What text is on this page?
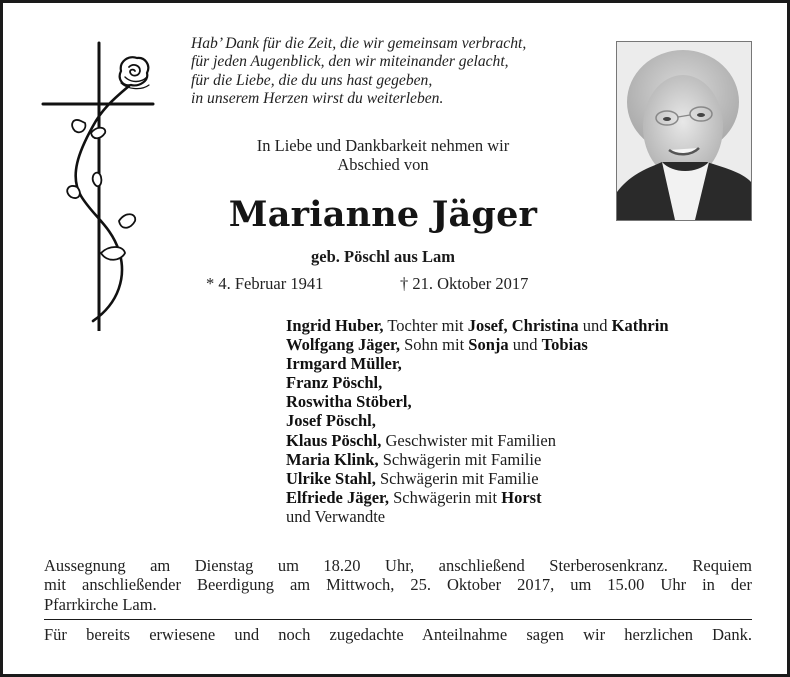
Hab’ Dank für die Zeit, die wir gemeinsam verbracht,
für jeden Augenblick, den wir miteinander gelacht,
für die Liebe, die du uns hast gegeben,
in unserem Herzen wirst du weiterleben.
In Liebe und Dankbarkeit nehmen wir
Abschied von
Marianne Jäger
geb. Pöschl aus Lam
* 4. Februar 1941	† 21. Oktober 2017
Ingrid Huber, Tochter mit Josef, Christina und Kathrin
Wolfgang Jäger, Sohn mit Sonja und Tobias
Irmgard Müller,
Franz Pöschl,
Roswitha Stöberl,
Josef Pöschl,
Klaus Pöschl, Geschwister mit Familien
Maria Klink, Schwägerin mit Familie
Ulrike Stahl, Schwägerin mit Familie
Elfriede Jäger, Schwägerin mit Horst
und Verwandte
Aussegnung am Dienstag um 18.20 Uhr, anschließend Sterberosenkranz. Requiem
mit anschließender Beerdigung am Mittwoch, 25. Oktober 2017, um 15.00 Uhr in der
Pfarrkirche Lam.
Für bereits erwiesene und noch zugedachte Anteilnahme sagen wir herzlichen Dank.
